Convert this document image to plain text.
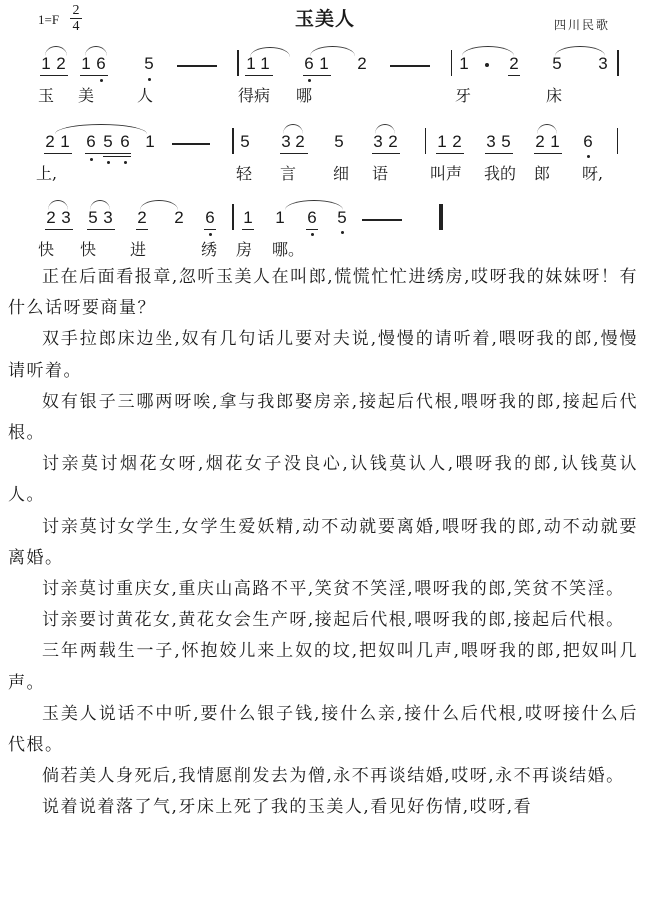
$1=F \frac{2}{4}$	玉美人	四川民歌
1 2 1 6 5	1 1 6 1 2	1 2 5 3
玉 美	人	得病 哪	牙	床
2 1 6 5 6 1	5 3 2 5 3 2 1 2 3 5 2 1 6
上,	轻 言 细 语	叫声 我的 郎 呀,
2 3 5 3 2 2 6 1 1 6 5
快 快 进	绣 房 哪。

正在后面看报章,忽听玉美人在叫郎,慌慌忙忙进绣房,哎呀我的妹妹呀！有什么话呀要商量？

双手拉郎床边坐,奴有几句话儿要对夫说,慢慢的请听着,喂呀我的郎,慢慢请听着。

奴有银子三哪两呀唉,拿与我郎娶房亲,接起后代根,喂呀我的郎,接起后代根。

讨亲莫讨烟花女呀,烟花女子没良心,认钱莫认人,喂呀我的郎,认钱莫认人。

讨亲莫讨女学生,女学生爱妖精,动不动就要离婚,喂呀我的郎,动不动就要离婚。

讨亲莫讨重庆女,重庆山高路不平,笑贫不笑淫,喂呀我的郎,笑贫不笑淫。

讨亲要讨黄花女,黄花女会生产呀,接起后代根,喂呀我的郎,接起后代根。

三年两载生一子,怀抱姣儿来上奴的坟,把奴叫几声,喂呀我的郎,把奴叫几声。

玉美人说话不中听,要什么银子钱,接什么亲,接什么后代根,哎呀接什么后代根。

倘若美人身死后,我情愿削发去为僧,永不再谈结婚,哎呀,永不再谈结婚。

说着说着落了气,牙床上死了我的玉美人,看见好伤情,哎呀,看
